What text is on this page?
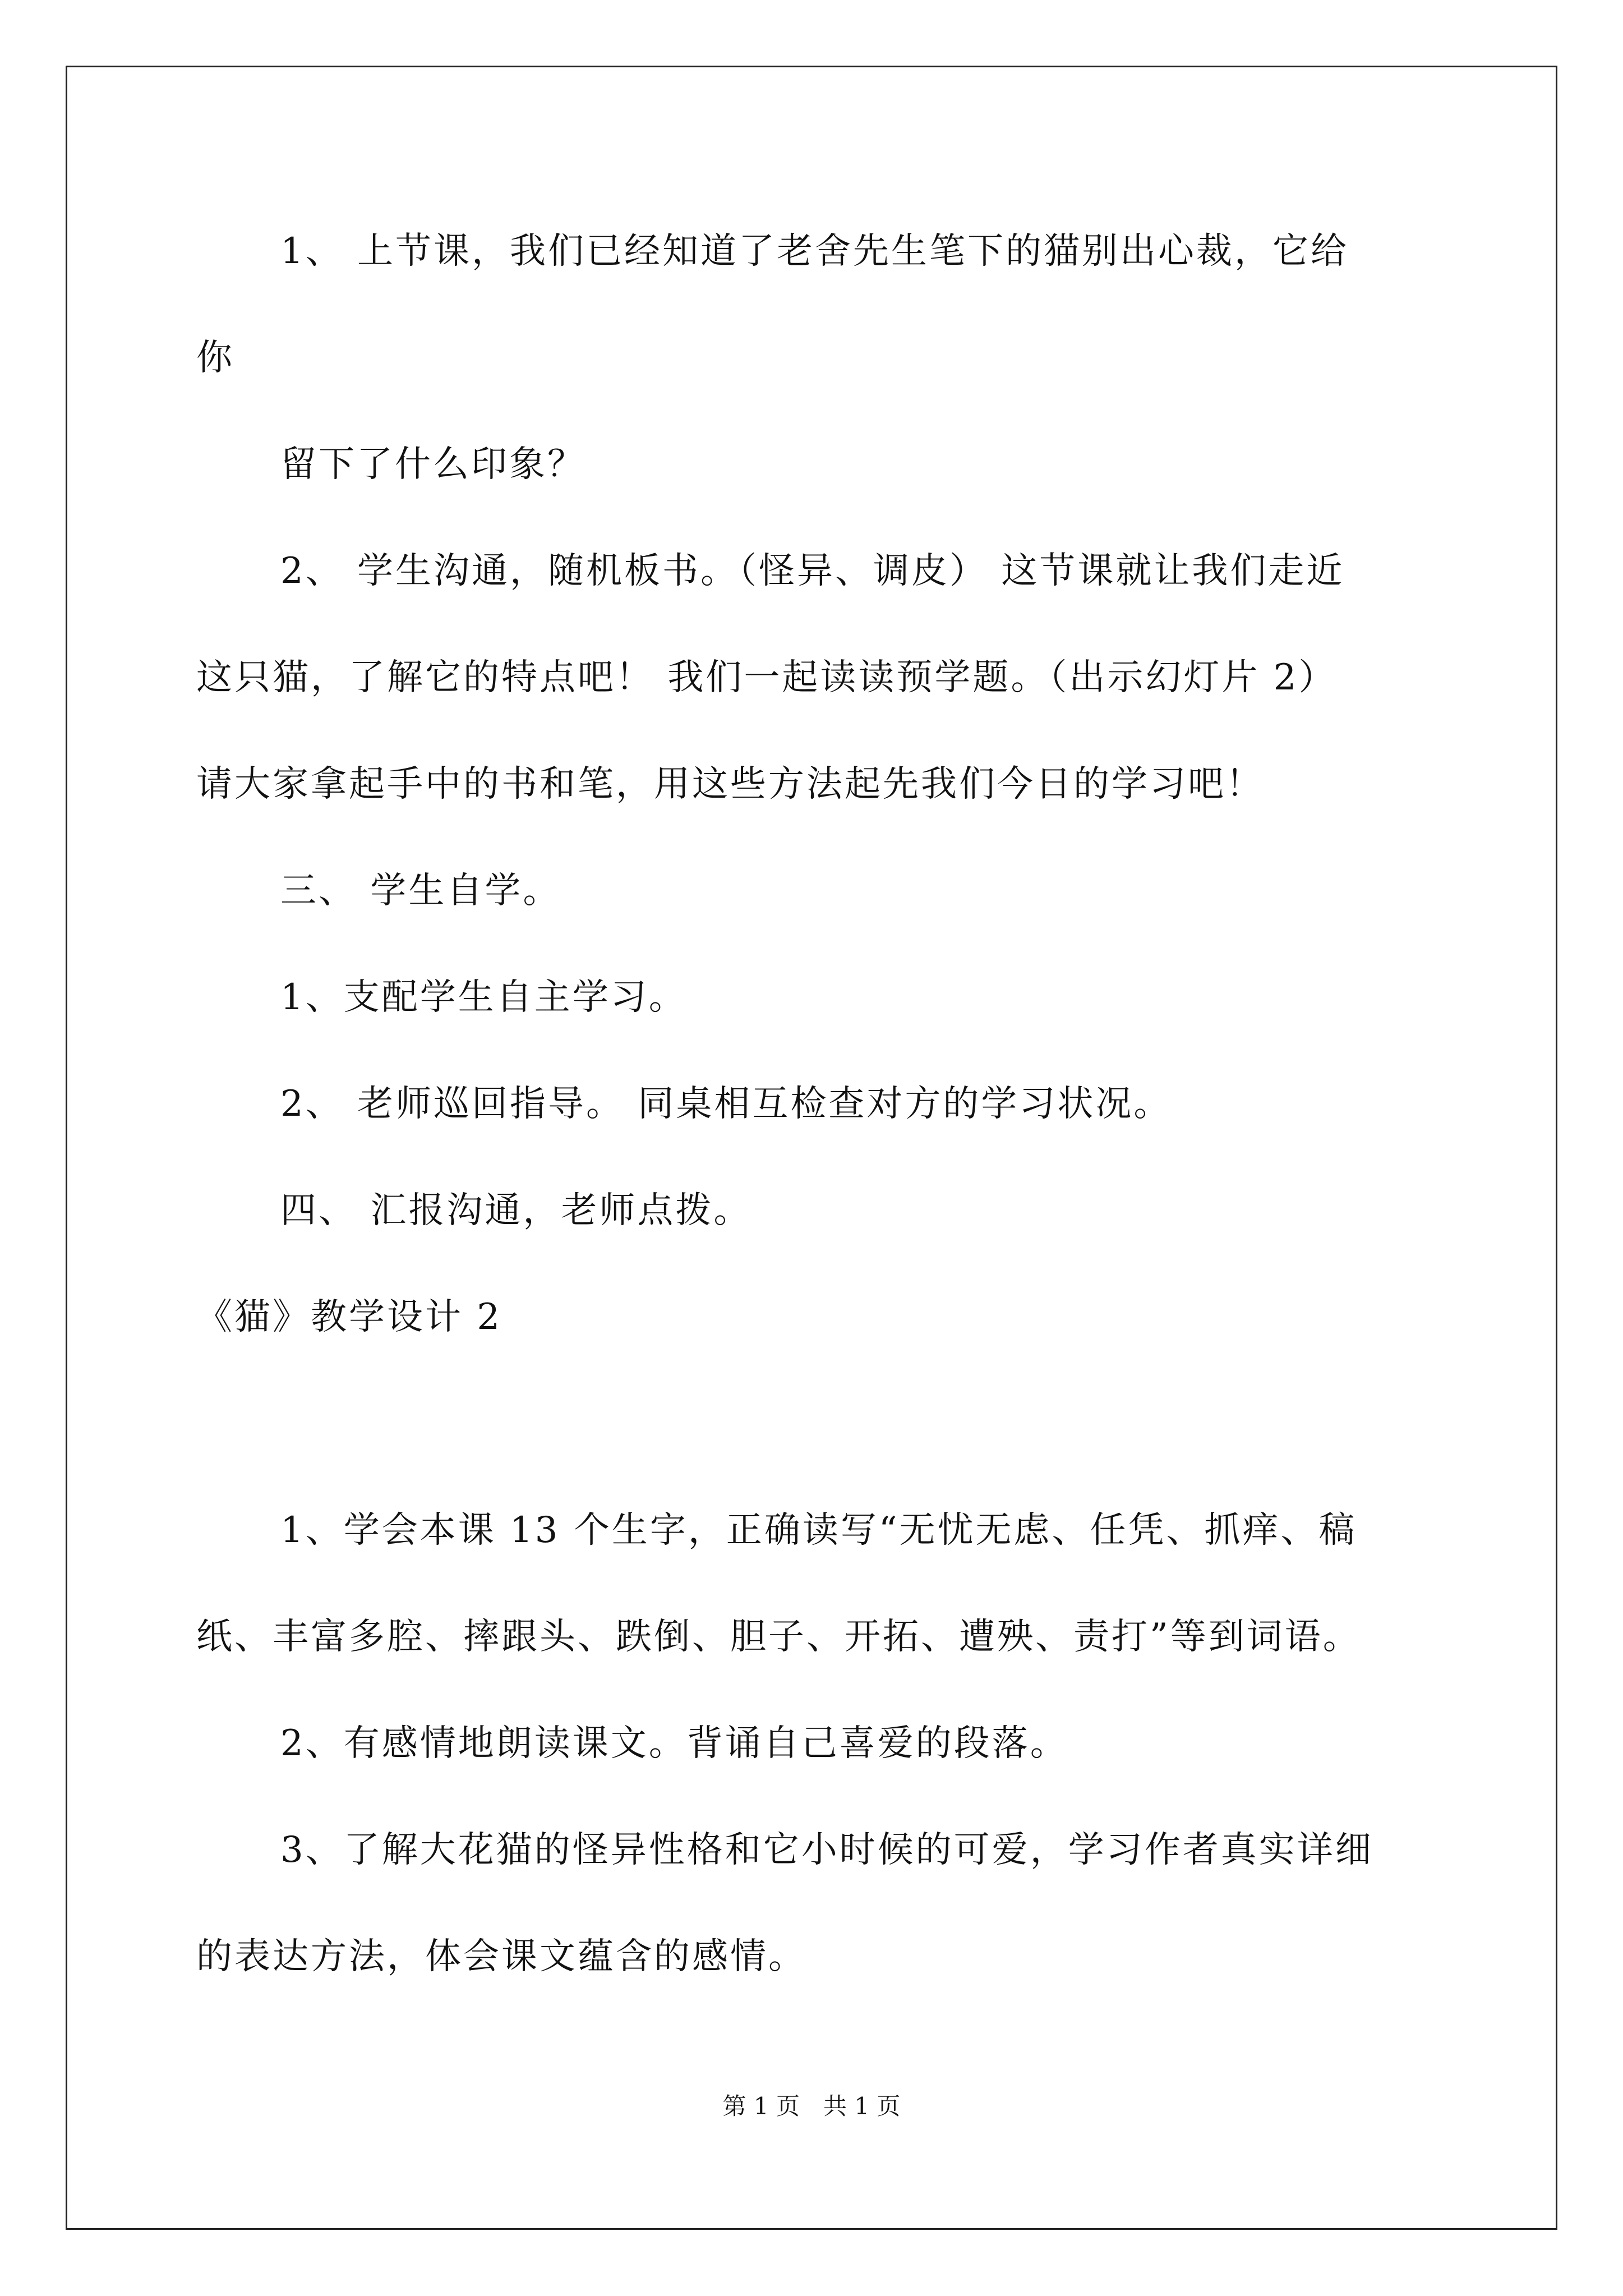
1、 上节课，我们已经知道了老舍先生笔下的猫别出心裁，它给

你

留下了什么印象？

2、 学生沟通，随机板书。（怪异、调皮） 这节课就让我们走近

这只猫，了解它的特点吧！ 我们一起读读预学题。（出示幻灯片 2）

请大家拿起手中的书和笔，用这些方法起先我们今日的学习吧！

三、 学生自学。

1、支配学生自主学习。

2、 老师巡回指导。 同桌相互检查对方的学习状况。

四、 汇报沟通，老师点拨。

《猫》教学设计 2

1、学会本课 13 个生字，正确读写“无忧无虑、任凭、抓痒、稿

纸、丰富多腔、摔跟头、跌倒、胆子、开拓、遭殃、责打”等到词语。

2、有感情地朗读课文。背诵自己喜爱的段落。

3、了解大花猫的怪异性格和它小时候的可爱，学习作者真实详细

的表达方法，体会课文蕴含的感情。

第 1 页　共 1 页
